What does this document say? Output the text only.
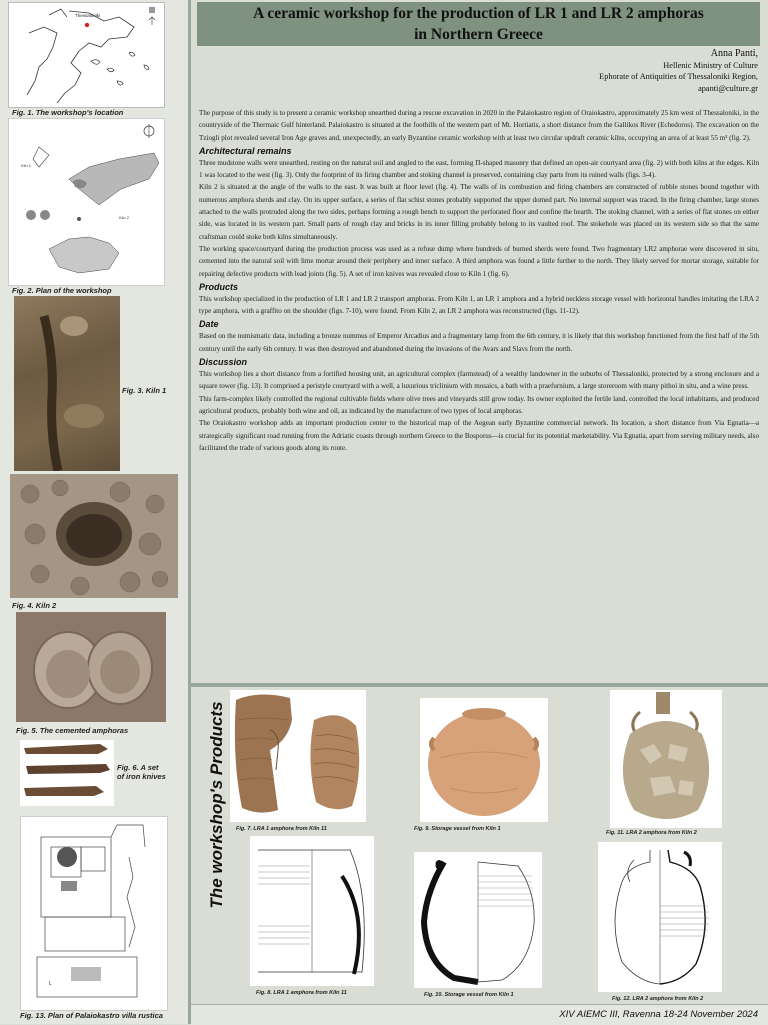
Thessaloniki
Fig. 1. The workshop's location
Kiln 1
Kiln 2
Fig. 2. Plan of the workshop
Fig. 3. Kiln 1
Fig. 4. Kiln 2
Fig. 5. The cemented amphoras
Fig. 6. A set
of iron knives
L
Fig. 13. Plan of Palaiokastro villa rustica
A ceramic workshop for the production of LR 1 and LR 2 amphoras
in Northern Greece
Anna Panti,
Hellenic Ministry of Culture
Ephorate of Antiquities of Thessaloniki Region,
apanti@culture.gr

The purpose of this study is to present a ceramic workshop unearthed during a rescue excavation in 2020 in the Palaiokastro region of Oraiokastro, approximately 25 km west of Thessaloniki, in the countryside of the Thermaic Gulf hinterland. Palaiokastro is situated at the foothills of the western part of Mt. Hortiatis, a short distance from the Gallikos River (Echedoros). The excavation on the Tziogli plot revealed several Iron Age graves and, unexpectedly, an early Byzantine ceramic workshop with at least two circular updraft ceramic kilns, occupying an area of at least 55 m² (fig. 2).

Architectural remains

Three mudstone walls were unearthed, resting on the natural soil and angled to the east, forming Π-shaped masonry that defined an open-air courtyard area (fig. 2) with both kilns at the edges. Kiln 1 was located to the west (fig. 3). Only the footprint of its firing chamber and stoking channel is preserved, containing clay parts from its ruined walls (figs. 3-4).

Kiln 2 is situated at the angle of the walls to the east. It was built at floor level (fig. 4). The walls of its combustion and firing chambers are constructed of rubble stones bound together with numerous amphora sherds and clay. On its upper surface, a series of flat schist stones probably supported the upper domed part. No internal support was traced. In the firing chamber, large stones attached to the walls protruded along the two sides, perhaps forming a rough bench to support the perforated floor and confine the hearth. The stoking channel, with a series of flat stones on either side, was located in its western part. Small parts of rough clay and bricks in its inner filling probably belong to its vaulted roof. The stokehole was placed on its western side so that the same craftsman could stoke both kilns simultaneously.

The working space/courtyard during the production process was used as a refuse dump where hundreds of burned sherds were found. Two fragmentary LR2 amphorae were discovered in situ, cemented into the natural soil with lime mortar around their periphery and inner surface. A third amphora was found a little further to the north. They likely served for mortar storage, suitable for repairing defective products with lead joints (fig. 5). A set of iron knives was revealed close to Kiln 1 (fig. 6).

Products

This workshop specialized in the production of LR 1 and LR 2 transport amphoras. From Kiln 1, an LR 1 amphora and a hybrid neckless storage vessel with horizontal handles imitating the LRA 2 type amphora, with a graffito on the shoulder (figs. 7-10), were found. From Kiln 2, an LR 2 amphora was reconstructed (figs. 11-12).

Date

Based on the numismatic data, including a bronze nummus of Emperor Arcadius and a fragmentary lamp from the 6th century, it is likely that this workshop functioned from the first half of the 5th century until the early 6th century. It was then destroyed and abandoned during the invasions of the Avars and Slavs from the north.

Discussion

This workshop lies a short distance from a fortified housing unit, an agricultural complex (farmstead) of a wealthy landowner in the suburbs of Thessaloniki, protected by a strong enclosure and a square tower (fig. 13). It comprised a peristyle courtyard with a well, a luxurious triclinium with mosaics, a bath with a praefurnium, a large storeroom with many pithoi in situ, and a wine press.

This farm-complex likely controlled the regional cultivable fields where olive trees and vineyards still grow today. Its owner exploited the fertile land, controlled the local inhabitants, and produced agricultural products, probably both wine and oil, as indicated by the manufacture of two types of local amphoras.

The Oraiokastro workshop adds an important production center to the historical map of the Aegean early Byzantine commercial network. Its location, a short distance from Via Egnatia—a strategically significant road running from the Adriatic coasts through northern Greece to the Bosporus—is crucial for its potential marketability. Via Egnatia, apart from serving military needs, also facilitated the trade of various goods along its route.

The workshop's Products Fig. 7. LRA 1 amphora from Kiln 11	Fig. 9. Storage vessel from Kiln 1
Fig. 11. LRA 2 amphora from Kiln 2
Fig. 8. LRA 1 amphora from Kiln 11	Fig. 10. Storage vessel from Kiln 1
Fig. 12. LRA 2 amphora from Kiln 2
XIV AIEMC III, Ravenna 18-24 November 2024
